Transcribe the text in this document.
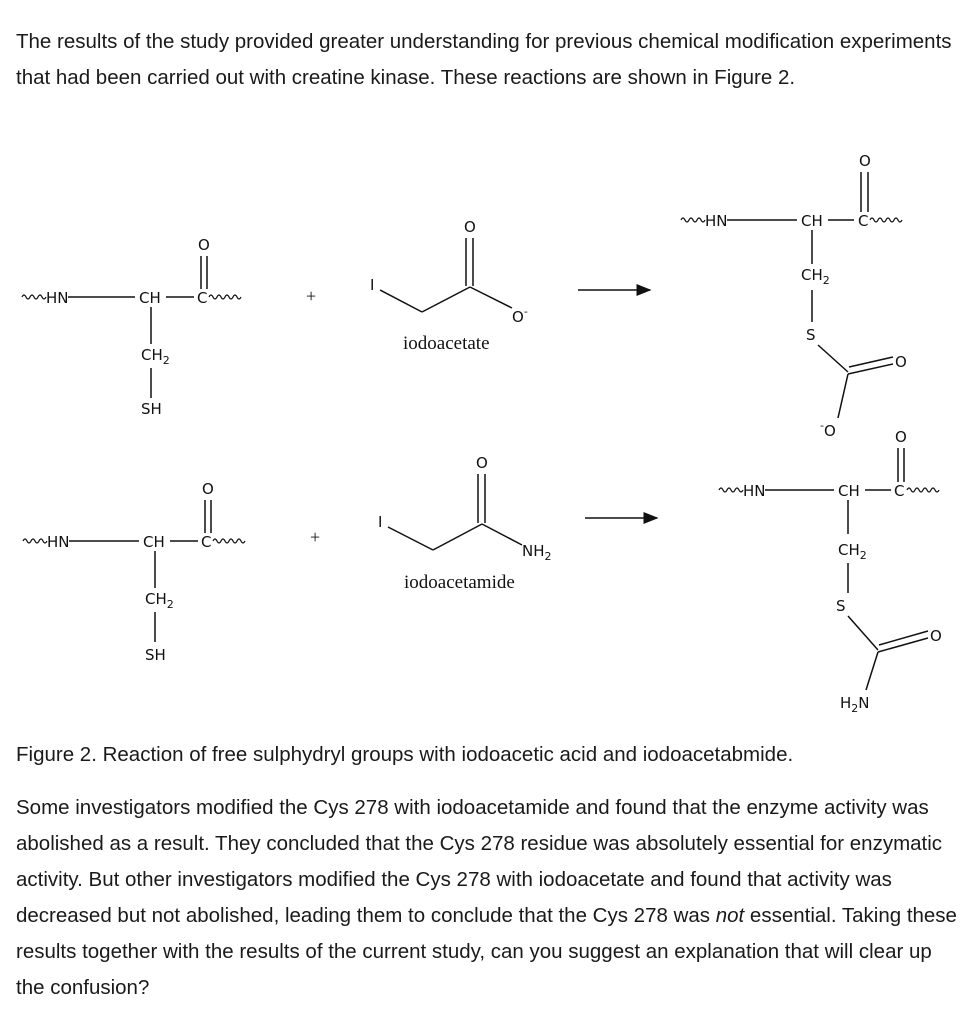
The results of the study provided greater understanding for previous chemical modification experiments that had been carried out with creatine kinase. These reactions are shown in Figure 2.

HN	CH C
O
$CH_2$
SH
+
I
O
O-
iodoacetate
HN	CH C
O
$CH_2$
S
O
-O
HN	CH C
O
$CH_2$
SH
+
I
O
$NH_2$
iodoacetamide
HN	CH C
O
$CH_2$
S
O
$H_2N$

Figure 2. Reaction of free sulphydryl groups with iodoacetic acid and iodoacetabmide.

Some investigators modified the Cys 278 with iodoacetamide and found that the enzyme activity was abolished as a result. They concluded that the Cys 278 residue was absolutely essential for enzymatic activity. But other investigators modified the Cys 278 with iodoacetate and found that activity was decreased but not abolished, leading them to conclude that the Cys 278 was not essential. Taking these results together with the results of the current study, can you suggest an explanation that will clear up the confusion?
